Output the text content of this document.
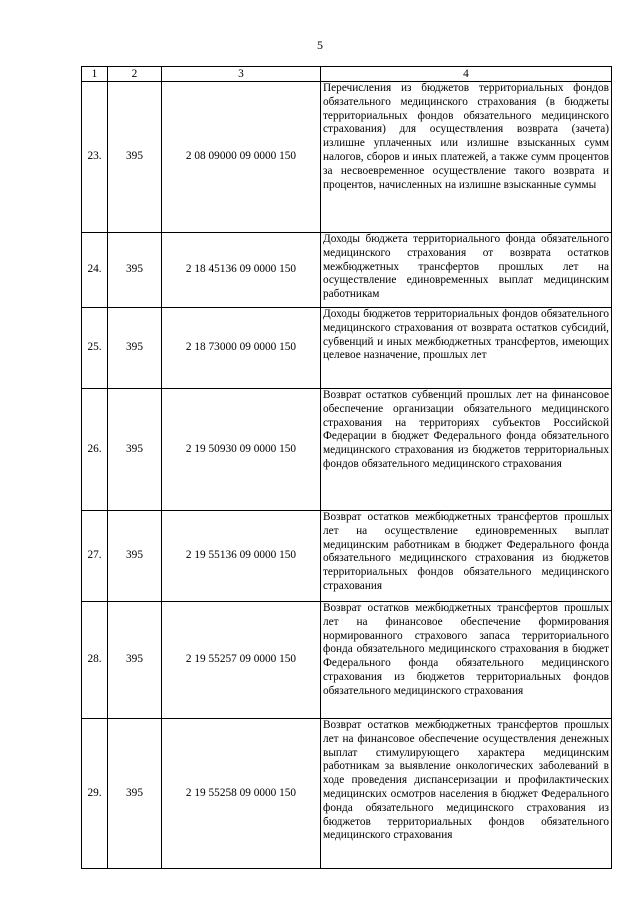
5
1	2	3	4
23.	395	2 08 09000 09 0000 150	Перечисления из бюджетов территориальных фондов обязательного медицинского страхования (в бюджеты территориальных фондов обязательного медицинского страхования) для осуществления возврата (зачета) излишне уплаченных или излишне взысканных сумм налогов, сборов и иных платежей, а также сумм процентов за несвоевременное осуществление такого возврата и процентов, начисленных на излишне взысканные суммы
24.	395	2 18 45136 09 0000 150	Доходы бюджета территориального фонда обязательного медицинского страхования от возврата остатков межбюджетных трансфертов прошлых лет на осуществление единовременных выплат медицинским работникам
25.	395	2 18 73000 09 0000 150	Доходы бюджетов территориальных фондов обязательного медицинского страхования от возврата остатков субсидий, субвенций и иных межбюджетных трансфертов, имеющих целевое назначение, прошлых лет
26.	395	2 19 50930 09 0000 150	Возврат остатков субвенций прошлых лет на финансовое обеспечение организации обязательного медицинского страхования на территориях субъектов Российской Федерации в бюджет Федерального фонда обязательного медицинского страхования из бюджетов территориальных фондов обязательного медицинского страхования
27.	395	2 19 55136 09 0000 150	Возврат остатков межбюджетных трансфертов прошлых лет на осуществление единовременных выплат медицинским работникам в бюджет Федерального фонда обязательного медицинского страхования из бюджетов территориальных фондов обязательного медицинского страхования
28.	395	2 19 55257 09 0000 150	Возврат остатков межбюджетных трансфертов прошлых лет на финансовое обеспечение формирования нормированного страхового запаса территориального фонда обязательного медицинского страхования в бюджет Федерального фонда обязательного медицинского страхования из бюджетов территориальных фондов обязательного медицинского страхования
29.	395	2 19 55258 09 0000 150	Возврат остатков межбюджетных трансфертов прошлых лет на финансовое обеспечение осуществления денежных выплат стимулирующего характера медицинским работникам за выявление онкологических заболеваний в ходе проведения диспансеризации и профилактических медицинских осмотров населения в бюджет Федерального фонда обязательного медицинского страхования из бюджетов территориальных фондов обязательного медицинского страхования
